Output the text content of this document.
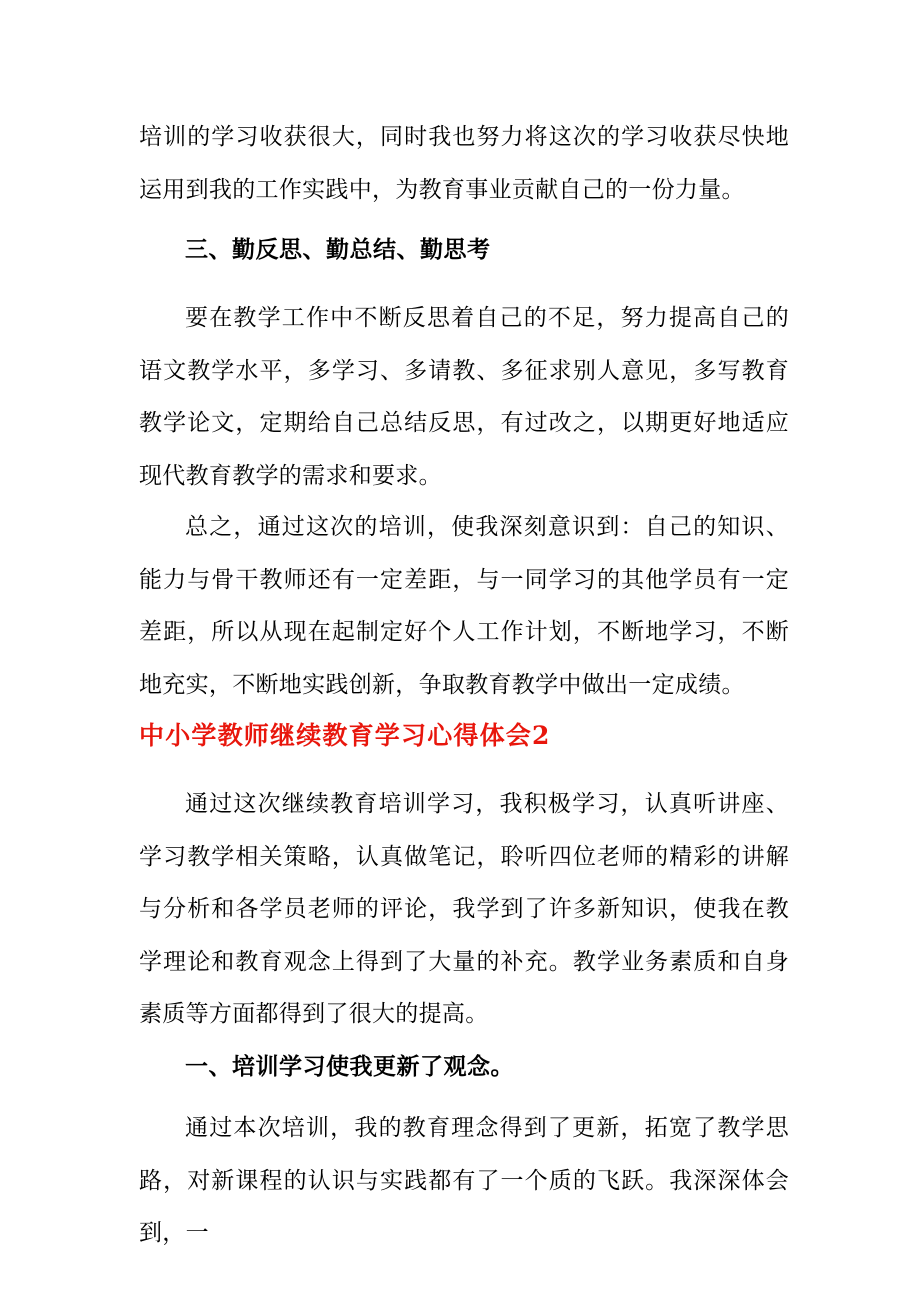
培训的学习收获很大，同时我也努力将这次的学习收获尽快地运用到我的工作实践中，为教育事业贡献自己的一份力量。

三、勤反思、勤总结、勤思考

要在教学工作中不断反思着自己的不足，努力提高自己的语文教学水平，多学习、多请教、多征求别人意见，多写教育教学论文，定期给自己总结反思，有过改之，以期更好地适应现代教育教学的需求和要求。

总之，通过这次的培训，使我深刻意识到：自己的知识、能力与骨干教师还有一定差距，与一同学习的其他学员有一定差距，所以从现在起制定好个人工作计划，不断地学习，不断地充实，不断地实践创新，争取教育教学中做出一定成绩。

中小学教师继续教育学习心得体会2

通过这次继续教育培训学习，我积极学习，认真听讲座、学习教学相关策略，认真做笔记，聆听四位老师的精彩的讲解与分析和各学员老师的评论，我学到了许多新知识，使我在教学理论和教育观念上得到了大量的补充。教学业务素质和自身素质等方面都得到了很大的提高。

一、培训学习使我更新了观念。

通过本次培训，我的教育理念得到了更新，拓宽了教学思路，对新课程的认识与实践都有了一个质的飞跃。我深深体会到，一
